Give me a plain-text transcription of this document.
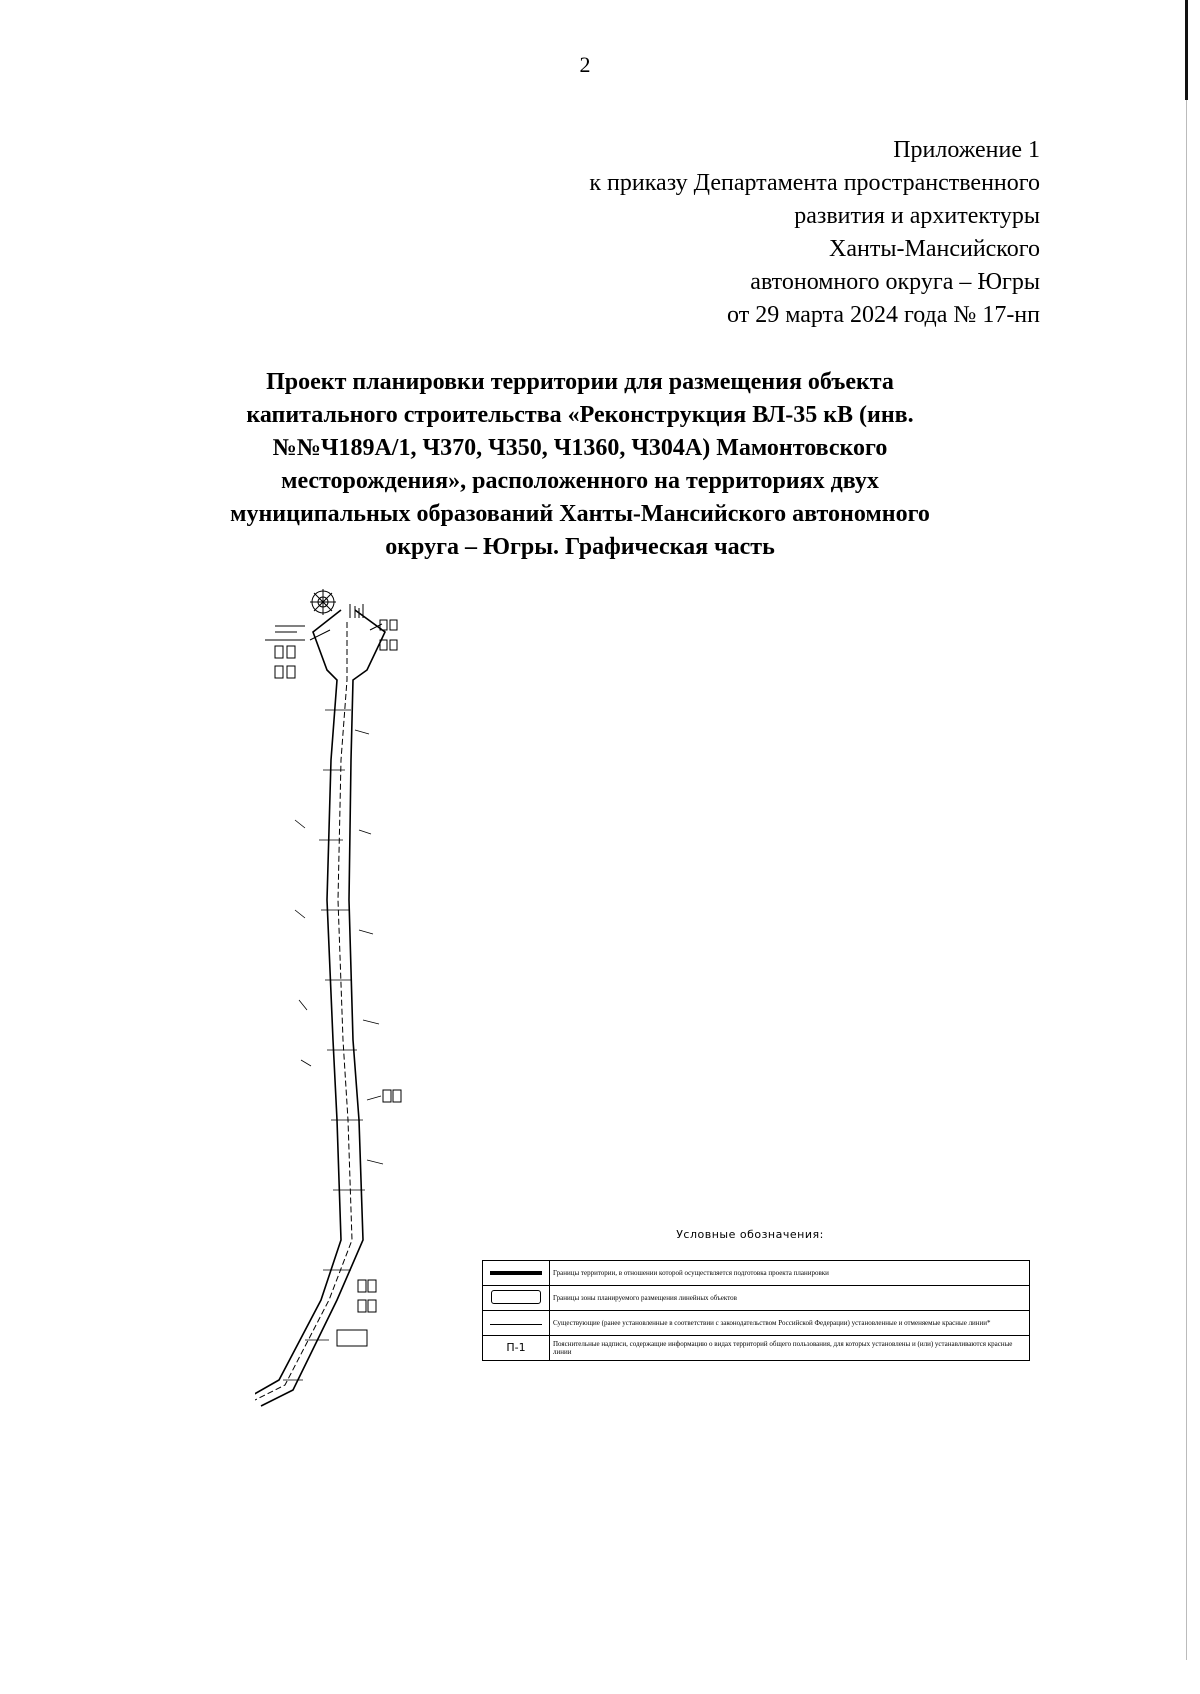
2
Приложение 1
к приказу Департамента пространственного
развития и архитектуры
Ханты-Мансийского
автономного округа – Югры
от 29 марта 2024 года № 17-нп
Проект планировки территории для размещения объекта
капитального строительства «Реконструкция ВЛ-35 кВ (инв.
№№Ч189А/1, Ч370, Ч350, Ч1360, Ч304А) Мамонтовского
месторождения», расположенного на территориях двух
муниципальных образований Ханты-Мансийского автономного
округа – Югры. Графическая часть
Условные обозначения:
	Границы территории, в отношении которой осуществляется подготовка проекта планировки
	Границы зоны планируемого размещения линейных объектов
	Существующие (ранее установленные в соответствии с законодательством Российской Федерации) установленные и отменяемые красные линии*
П-1	Пояснительные надписи, содержащие информацию о видах территорий общего пользования, для которых установлены и (или) устанавливаются красные линии
